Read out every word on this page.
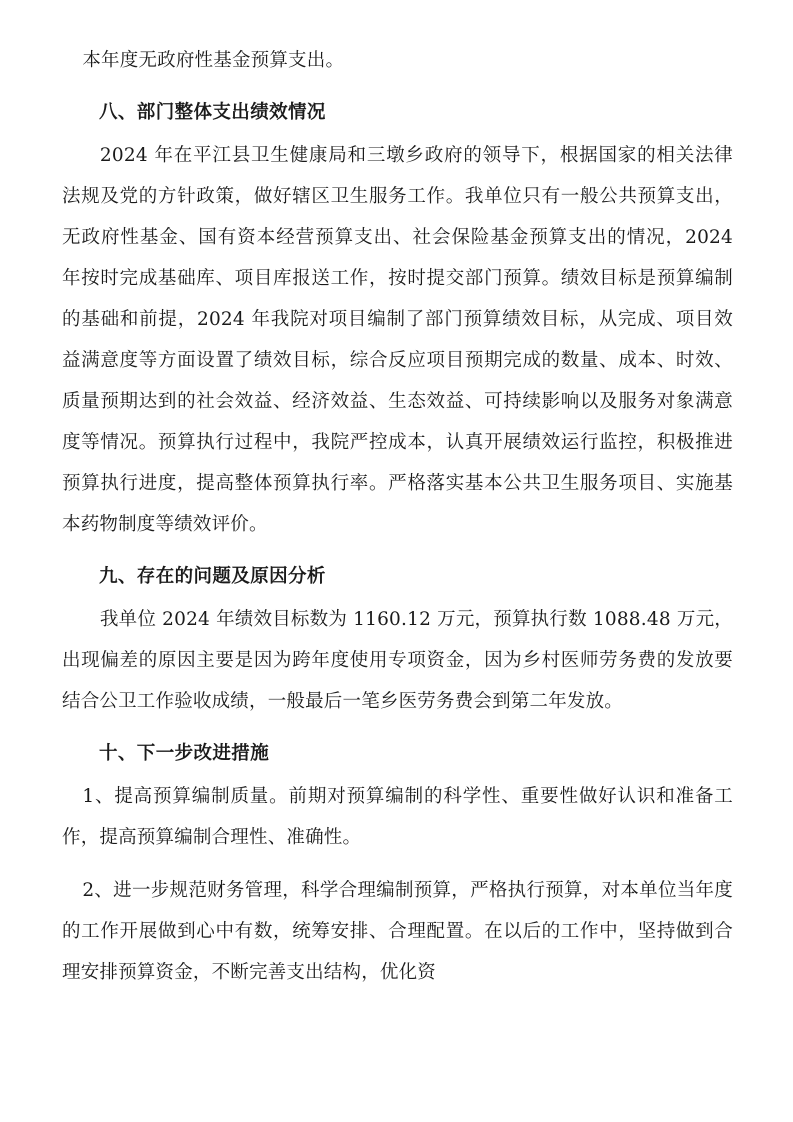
本年度无政府性基金预算支出。

八、部门整体支出绩效情况

2024 年在平江县卫生健康局和三墩乡政府的领导下，根据国家的相关法律法规及党的方针政策，做好辖区卫生服务工作。我单位只有一般公共预算支出，无政府性基金、国有资本经营预算支出、社会保险基金预算支出的情况，2024 年按时完成基础库、项目库报送工作，按时提交部门预算。绩效目标是预算编制的基础和前提，2024 年我院对项目编制了部门预算绩效目标，从完成、项目效益满意度等方面设置了绩效目标，综合反应项目预期完成的数量、成本、时效、质量预期达到的社会效益、经济效益、生态效益、可持续影响以及服务对象满意度等情况。预算执行过程中，我院严控成本，认真开展绩效运行监控，积极推进预算执行进度，提高整体预算执行率。严格落实基本公共卫生服务项目、实施基本药物制度等绩效评价。

九、存在的问题及原因分析

我单位 2024 年绩效目标数为 1160.12 万元，预算执行数 1088.48 万元，出现偏差的原因主要是因为跨年度使用专项资金，因为乡村医师劳务费的发放要结合公卫工作验收成绩，一般最后一笔乡医劳务费会到第二年发放。

十、下一步改进措施

1、提高预算编制质量。前期对预算编制的科学性、重要性做好认识和准备工作，提高预算编制合理性、准确性。

2、进一步规范财务管理，科学合理编制预算，严格执行预算，对本单位当年度的工作开展做到心中有数，统筹安排、合理配置。在以后的工作中，坚持做到合理安排预算资金，不断完善支出结构，优化资
